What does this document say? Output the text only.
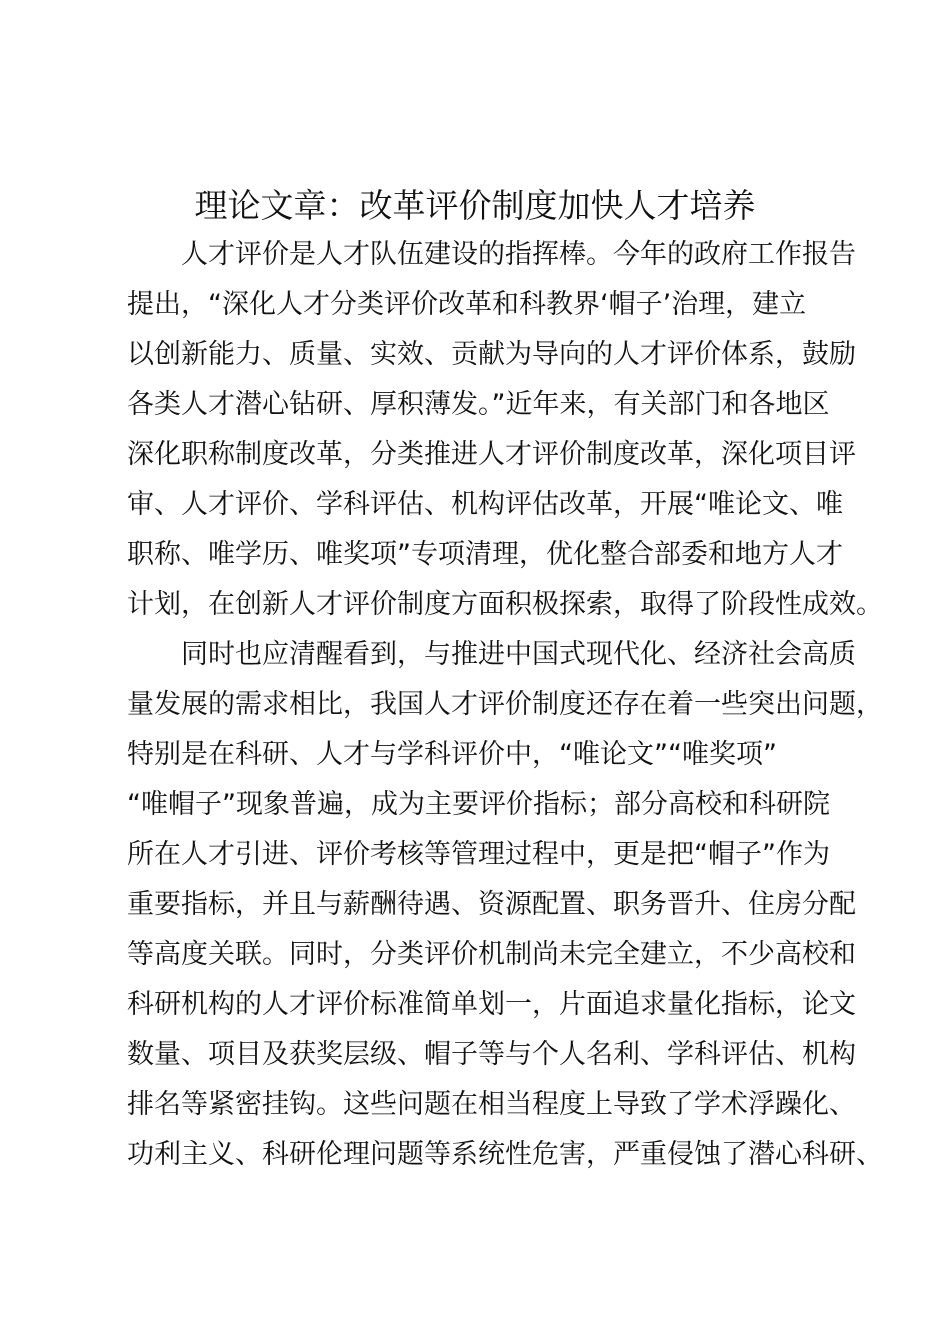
理论文章：改革评价制度加快人才培养
人才评价是人才队伍建设的指挥棒。今年的政府工作报告
提出，“深化人才分类评价改革和科教界‘帽子’治理，建立
以创新能力、质量、实效、贡献为导向的人才评价体系，鼓励
各类人才潜心钻研、厚积薄发。”近年来，有关部门和各地区
深化职称制度改革，分类推进人才评价制度改革，深化项目评
审、人才评价、学科评估、机构评估改革，开展“唯论文、唯
职称、唯学历、唯奖项”专项清理，优化整合部委和地方人才
计划，在创新人才评价制度方面积极探索，取得了阶段性成效。
同时也应清醒看到，与推进中国式现代化、经济社会高质
量发展的需求相比，我国人才评价制度还存在着一些突出问题，
特别是在科研、人才与学科评价中，“唯论文”“唯奖项”
“唯帽子”现象普遍，成为主要评价指标；部分高校和科研院
所在人才引进、评价考核等管理过程中，更是把“帽子”作为
重要指标，并且与薪酬待遇、资源配置、职务晋升、住房分配
等高度关联。同时，分类评价机制尚未完全建立，不少高校和
科研机构的人才评价标准简单划一，片面追求量化指标，论文
数量、项目及获奖层级、帽子等与个人名利、学科评估、机构
排名等紧密挂钩。这些问题在相当程度上导致了学术浮躁化、
功利主义、科研伦理问题等系统性危害，严重侵蚀了潜心科研、
